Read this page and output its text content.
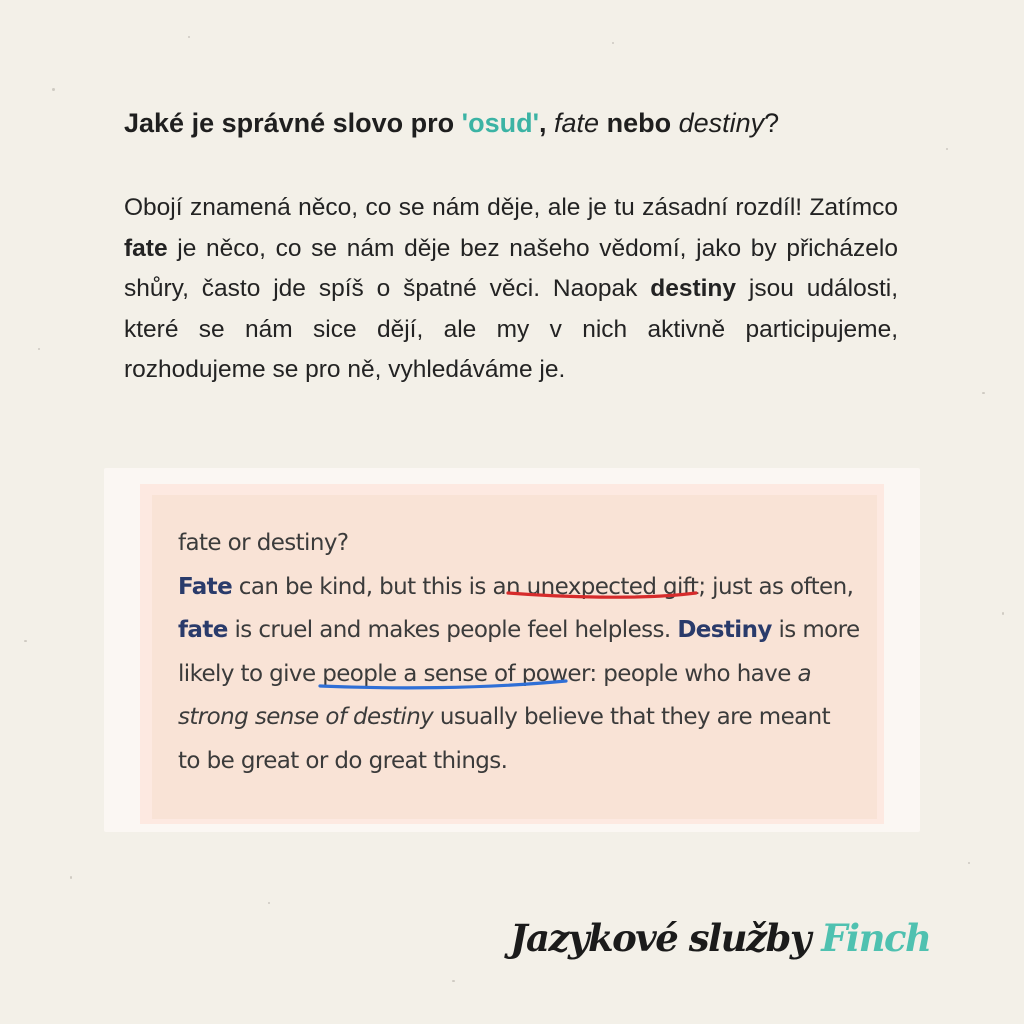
Jaké je správné slovo pro 'osud', fate nebo destiny?
Obojí znamená něco, co se nám děje, ale je tu zásadní rozdíl! Zatímco fate je něco, co se nám děje bez našeho vědomí, jako by přicházelo shůry, často jde spíš o špatné věci. Naopak destiny jsou události, které se nám sice dějí, ale my v nich aktivně participujeme, rozhodujeme se pro ně, vyhledáváme je.
fate or destiny?
Fate can be kind, but this is an unexpected gift; just as often,
fate is cruel and makes people feel helpless. Destiny is more
likely to give people a sense of power: people who have a
strong sense of destiny usually believe that they are meant
to be great or do great things.
Jazykové služby Finch
